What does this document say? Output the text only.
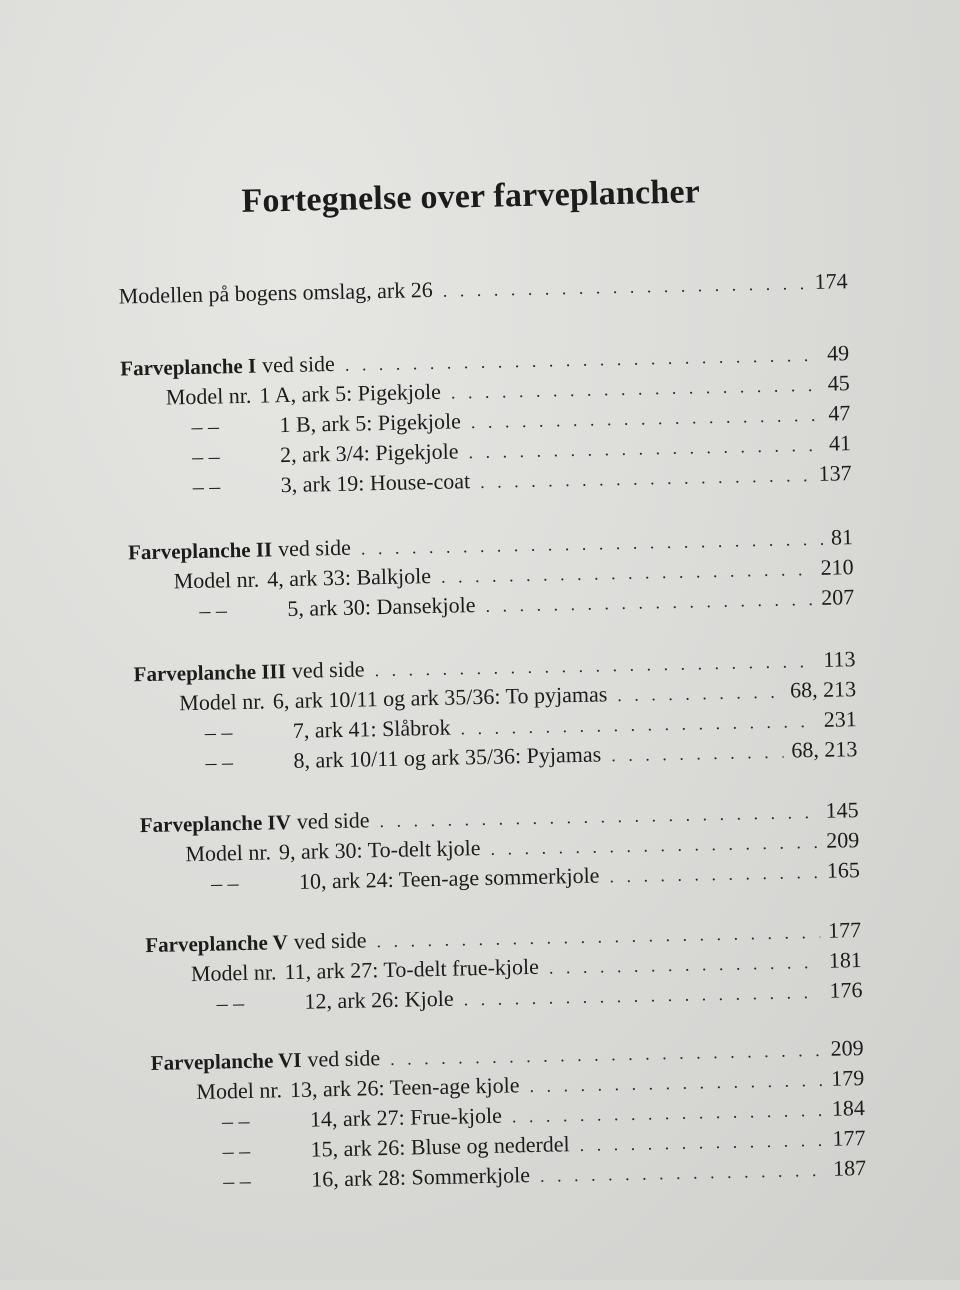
Fortegnelse over farveplancher
Modellen på bogens omslag, ark 26 . . .	174
Farveplanche I ved side . . .	49
Model nr. 1 A, ark 5: Pigekjole . . .	45
– –	1 B, ark 5: Pigekjole . . .	47
– –	2, ark 3/4: Pigekjole . . .	41
– –	3, ark 19: House-coat . . .	137
Farveplanche II ved side . . .	81
Model nr. 4, ark 33: Balkjole . . .	210
– –	5, ark 30: Dansekjole . . .	207
Farveplanche III ved side . . .	113
Model nr. 6, ark 10/11 og ark 35/36: To pyjamas . . .	68, 213
– –	7, ark 41: Slåbrok . . .	231
– –	8, ark 10/11 og ark 35/36: Pyjamas . . .	68, 213
Farveplanche IV ved side . . .	145
Model nr. 9, ark 30: To-delt kjole . . .	209
– –	10, ark 24: Teen-age sommerkjole . . .	165
Farveplanche V ved side . . .	177
Model nr. 11, ark 27: To-delt frue-kjole . . .	181
– –	12, ark 26: Kjole . . .	176
Farveplanche VI ved side . . .	209
Model nr. 13, ark 26: Teen-age kjole . . .	179
– –	14, ark 27: Frue-kjole . . .	184
– –	15, ark 26: Bluse og nederdel . . .	177
– –	16, ark 28: Sommerkjole . . .	187
